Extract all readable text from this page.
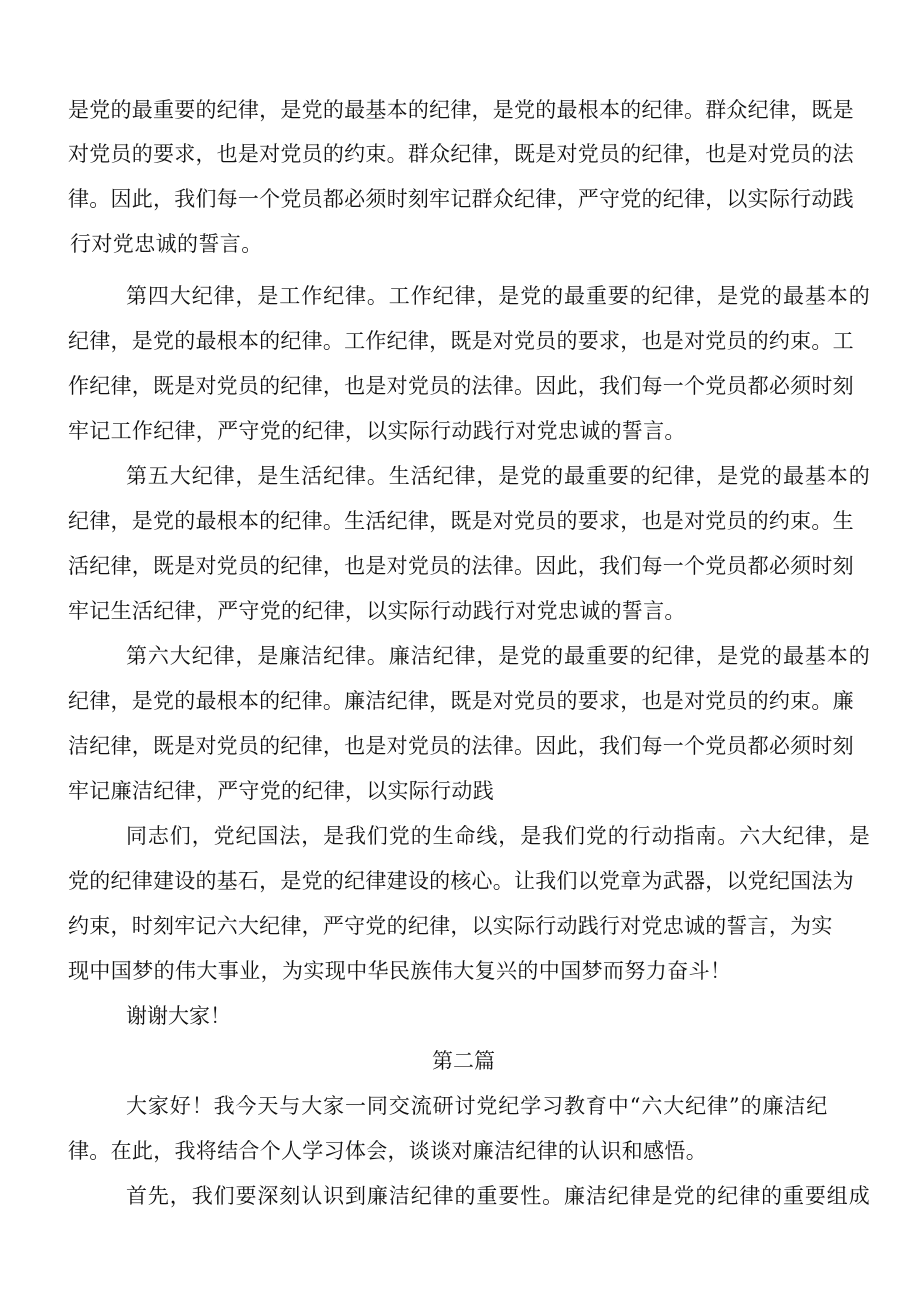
是党的最重要的纪律，是党的最基本的纪律，是党的最根本的纪律。群众纪律，既是

对党员的要求，也是对党员的约束。群众纪律，既是对党员的纪律，也是对党员的法

律。因此，我们每一个党员都必须时刻牢记群众纪律，严守党的纪律，以实际行动践

行对党忠诚的誓言。

第四大纪律，是工作纪律。工作纪律，是党的最重要的纪律，是党的最基本的

纪律，是党的最根本的纪律。工作纪律，既是对党员的要求，也是对党员的约束。工

作纪律，既是对党员的纪律，也是对党员的法律。因此，我们每一个党员都必须时刻

牢记工作纪律，严守党的纪律，以实际行动践行对党忠诚的誓言。

第五大纪律，是生活纪律。生活纪律，是党的最重要的纪律，是党的最基本的

纪律，是党的最根本的纪律。生活纪律，既是对党员的要求，也是对党员的约束。生

活纪律，既是对党员的纪律，也是对党员的法律。因此，我们每一个党员都必须时刻

牢记生活纪律，严守党的纪律，以实际行动践行对党忠诚的誓言。

第六大纪律，是廉洁纪律。廉洁纪律，是党的最重要的纪律，是党的最基本的

纪律，是党的最根本的纪律。廉洁纪律，既是对党员的要求，也是对党员的约束。廉

洁纪律，既是对党员的纪律，也是对党员的法律。因此，我们每一个党员都必须时刻

牢记廉洁纪律，严守党的纪律，以实际行动践

同志们，党纪国法，是我们党的生命线，是我们党的行动指南。六大纪律，是

党的纪律建设的基石，是党的纪律建设的核心。让我们以党章为武器，以党纪国法为

约束，时刻牢记六大纪律，严守党的纪律，以实际行动践行对党忠诚的誓言，为实

现中国梦的伟大事业，为实现中华民族伟大复兴的中国梦而努力奋斗！

谢谢大家！

第二篇

大家好！我今天与大家一同交流研讨党纪学习教育中“六大纪律”的廉洁纪

律。在此，我将结合个人学习体会，谈谈对廉洁纪律的认识和感悟。

首先，我们要深刻认识到廉洁纪律的重要性。廉洁纪律是党的纪律的重要组成
